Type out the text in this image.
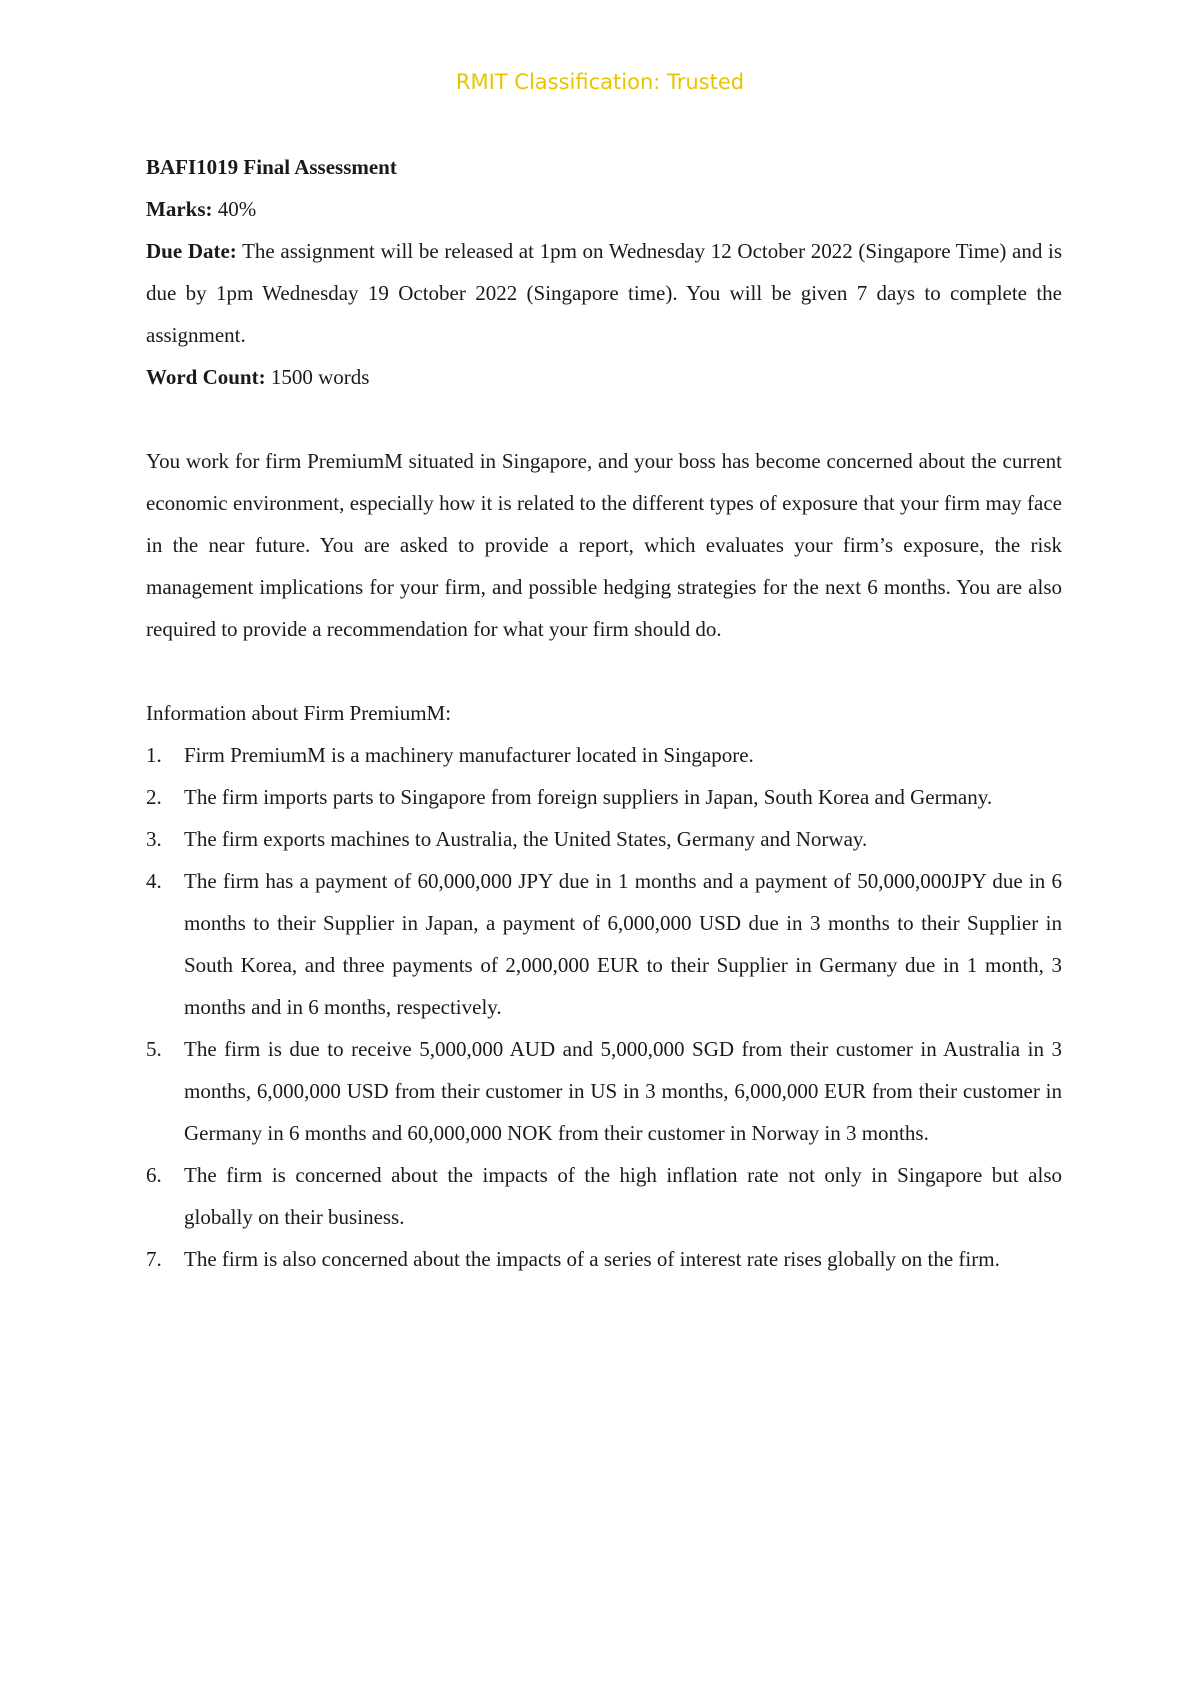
RMIT Classification: Trusted

BAFI1019 Final Assessment

Marks: 40%

Due Date: The assignment will be released at 1pm on Wednesday 12 October 2022 (Singapore Time) and is due by 1pm Wednesday 19 October 2022 (Singapore time). You will be given 7 days to complete the assignment.

Word Count: 1500 words

You work for firm PremiumM situated in Singapore, and your boss has become concerned about the current economic environment, especially how it is related to the different types of exposure that your firm may face in the near future. You are asked to provide a report, which evaluates your firm’s exposure, the risk management implications for your firm, and possible hedging strategies for the next 6 months. You are also required to provide a recommendation for what your firm should do.

Information about Firm PremiumM:

1. Firm PremiumM is a machinery manufacturer located in Singapore.
2. The firm imports parts to Singapore from foreign suppliers in Japan, South Korea and Germany.
3. The firm exports machines to Australia, the United States, Germany and Norway.
4. The firm has a payment of 60,000,000 JPY due in 1 months and a payment of 50,000,000JPY due in 6 months to their Supplier in Japan, a payment of 6,000,000 USD due in 3 months to their Supplier in South Korea, and three payments of 2,000,000 EUR to their Supplier in Germany due in 1 month, 3 months and in 6 months, respectively.
5. The firm is due to receive 5,000,000 AUD and 5,000,000 SGD from their customer in Australia in 3 months, 6,000,000 USD from their customer in US in 3 months, 6,000,000 EUR from their customer in Germany in 6 months and 60,000,000 NOK from their customer in Norway in 3 months.
6. The firm is concerned about the impacts of the high inflation rate not only in Singapore but also globally on their business.
7. The firm is also concerned about the impacts of a series of interest rate rises globally on the firm.
